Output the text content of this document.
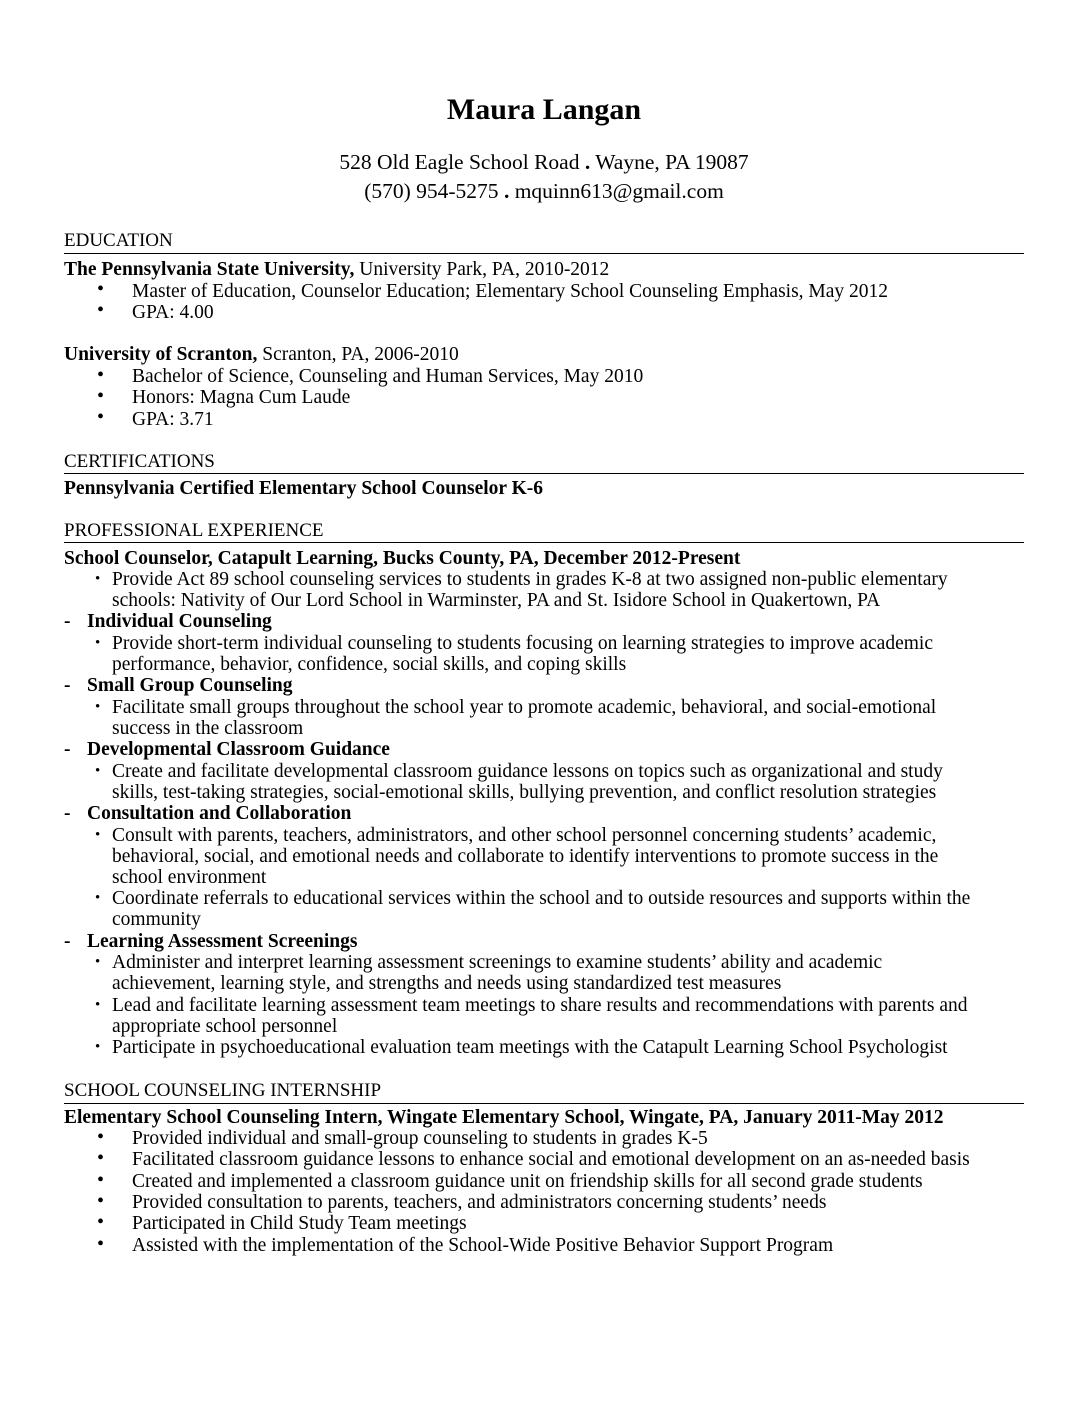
Maura Langan
528 Old Eagle School Road . Wayne, PA 19087
(570) 954-5275 . mquinn613@gmail.com
EDUCATION
The Pennsylvania State University, University Park, PA, 2010-2012
• Master of Education, Counselor Education; Elementary School Counseling Emphasis, May 2012
• GPA: 4.00
University of Scranton, Scranton, PA, 2006-2010
• Bachelor of Science, Counseling and Human Services, May 2010
• Honors: Magna Cum Laude
• GPA: 3.71
CERTIFICATIONS
Pennsylvania Certified Elementary School Counselor K-6
PROFESSIONAL EXPERIENCE
School Counselor, Catapult Learning, Bucks County, PA, December 2012-Present
• Provide Act 89 school counseling services to students in grades K-8 at two assigned non-public elementary
schools: Nativity of Our Lord School in Warminster, PA and St. Isidore School in Quakertown, PA
- Individual Counseling
• Provide short-term individual counseling to students focusing on learning strategies to improve academic
performance, behavior, confidence, social skills, and coping skills
- Small Group Counseling
• Facilitate small groups throughout the school year to promote academic, behavioral, and social-emotional
success in the classroom
- Developmental Classroom Guidance
• Create and facilitate developmental classroom guidance lessons on topics such as organizational and study
skills, test-taking strategies, social-emotional skills, bullying prevention, and conflict resolution strategies
- Consultation and Collaboration
• Consult with parents, teachers, administrators, and other school personnel concerning students’ academic,
behavioral, social, and emotional needs and collaborate to identify interventions to promote success in the
school environment
• Coordinate referrals to educational services within the school and to outside resources and supports within the
community
- Learning Assessment Screenings
• Administer and interpret learning assessment screenings to examine students’ ability and academic
achievement, learning style, and strengths and needs using standardized test measures
• Lead and facilitate learning assessment team meetings to share results and recommendations with parents and
appropriate school personnel
• Participate in psychoeducational evaluation team meetings with the Catapult Learning School Psychologist
SCHOOL COUNSELING INTERNSHIP
Elementary School Counseling Intern, Wingate Elementary School, Wingate, PA, January 2011-May 2012
• Provided individual and small-group counseling to students in grades K-5
• Facilitated classroom guidance lessons to enhance social and emotional development on an as-needed basis
• Created and implemented a classroom guidance unit on friendship skills for all second grade students
• Provided consultation to parents, teachers, and administrators concerning students’ needs
• Participated in Child Study Team meetings
• Assisted with the implementation of the School-Wide Positive Behavior Support Program
